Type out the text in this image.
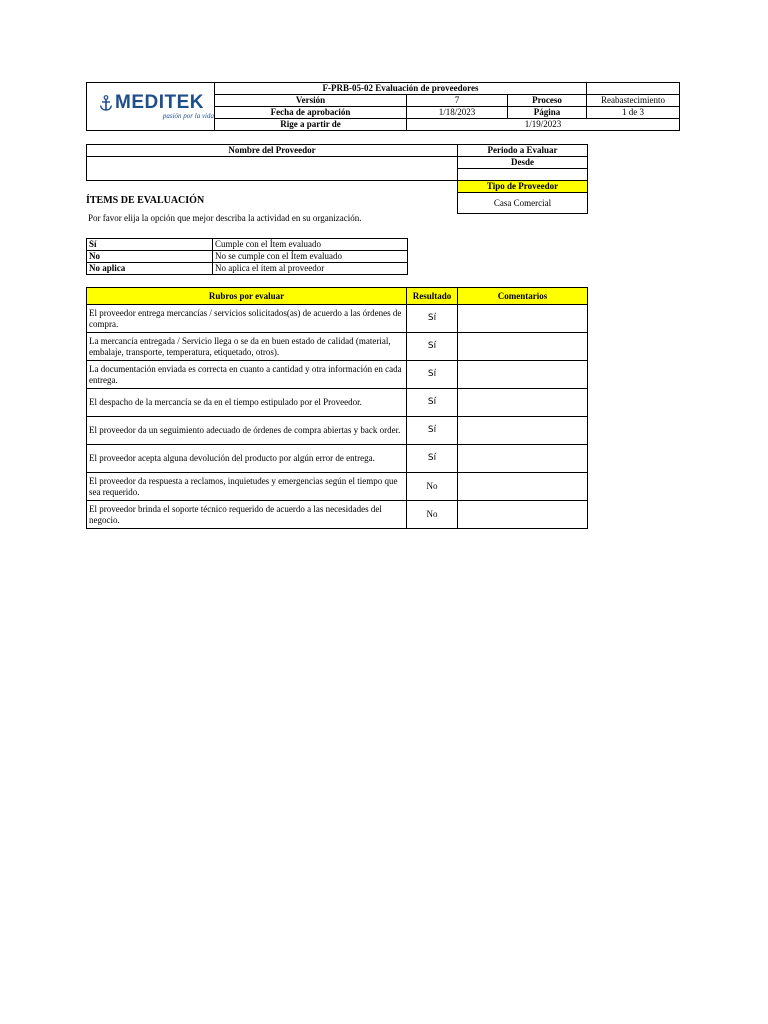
MEDITEK
pasión por la vida	F-PRB-05-02 Evaluación de proveedores			
	Versión	7	Proceso	Reabastecimiento
	Fecha de aprobación	1/18/2023	Página	1 de 3
	Rige a partir de	1/19/2023		
Nombre del Proveedor	Periodo a Evaluar
	Desde

	Tipo de Proveedor
	Casa Comercial
ÍTEMS DE EVALUACIÓN
Por favor elija la opción que mejor describa la actividad en su organización.
Sí	Cumple con el Ítem evaluado
No	No se cumple con el Ítem evaluado
No aplica	No aplica el ítem al proveedor
Rubros por evaluar	Resultado	Comentarios
El proveedor entrega mercancías / servicios solicitados(as) de acuerdo a las órdenes de compra.	Sí	
La mercancía entregada / Servicio llega o se da en buen estado de calidad (material, embalaje, transporte, temperatura, etiquetado, otros).	Sí	
La documentación enviada es correcta en cuanto a cantidad y otra información en cada entrega.	Sí	
El despacho de la mercancía se da en el tiempo estipulado por el Proveedor.	Sí	
El proveedor da un seguimiento adecuado de órdenes de compra abiertas y back order.	Sí	
El proveedor acepta alguna devolución del producto por algún error de entrega.	Sí	
El proveedor da respuesta a reclamos, inquietudes y emergencias según el tiempo que sea requerido.	No	
El proveedor brinda el soporte técnico requerido de acuerdo a las necesidades del negocio.	No	
